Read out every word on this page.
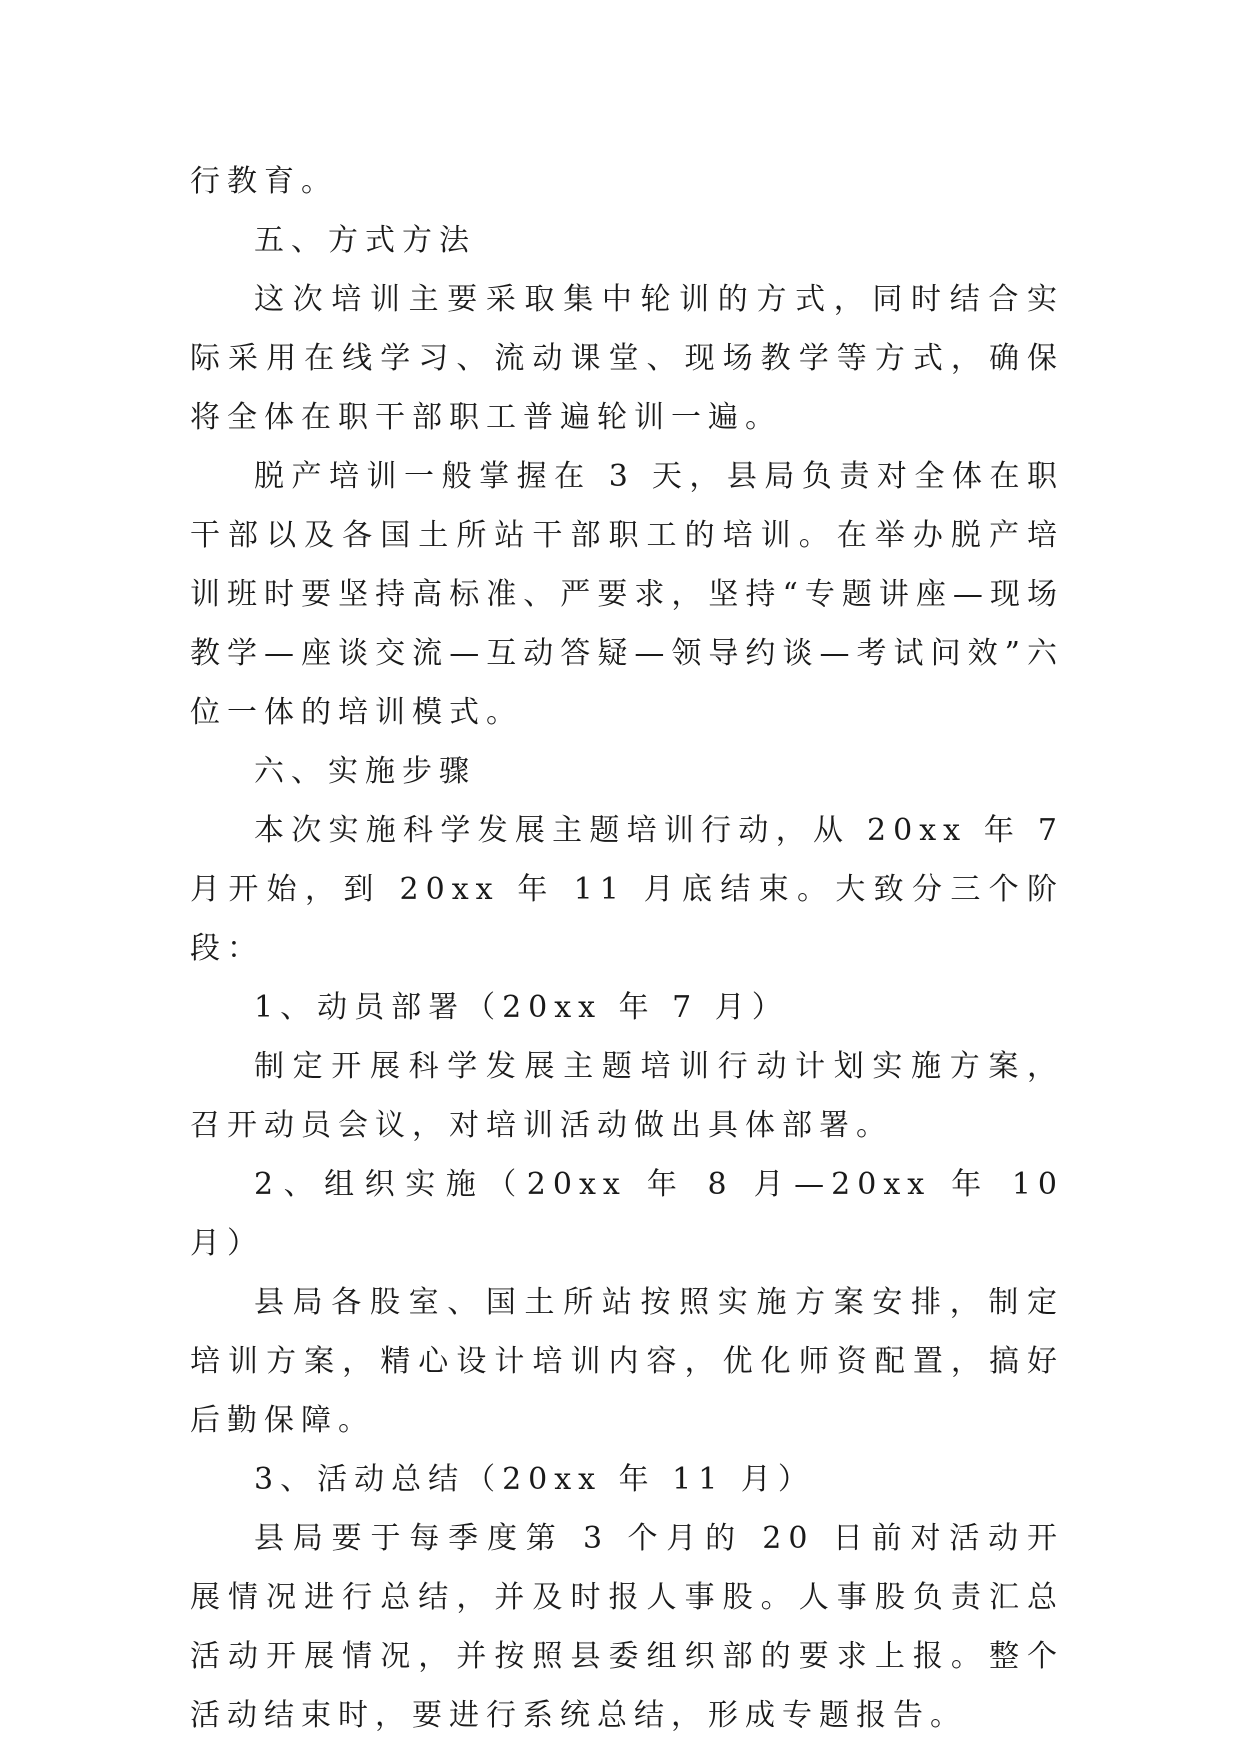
行教育。

五、方式方法

这次培训主要采取集中轮训的方式，同时结合实际采用在线学习、流动课堂、现场教学等方式，确保将全体在职干部职工普遍轮训一遍。

脱产培训一般掌握在 3 天，县局负责对全体在职干部以及各国土所站干部职工的培训。在举办脱产培训班时要坚持高标准、严要求，坚持“专题讲座—现场教学—座谈交流—互动答疑—领导约谈—考试问效”六位一体的培训模式。

六、实施步骤

本次实施科学发展主题培训行动，从 20xx 年 7 月开始，到 20xx 年 11 月底结束。大致分三个阶段：

1、动员部署（20xx 年 7 月）

制定开展科学发展主题培训行动计划实施方案，召开动员会议，对培训活动做出具体部署。

2、组织实施（20xx 年 8 月—20xx 年 10 月）

县局各股室、国土所站按照实施方案安排，制定培训方案，精心设计培训内容，优化师资配置，搞好后勤保障。

3、活动总结（20xx 年 11 月）

县局要于每季度第 3 个月的 20 日前对活动开展情况进行总结，并及时报人事股。人事股负责汇总活动开展情况，并按照县委组织部的要求上报。整个活动结束时，要进行系统总结，形成专题报告。
